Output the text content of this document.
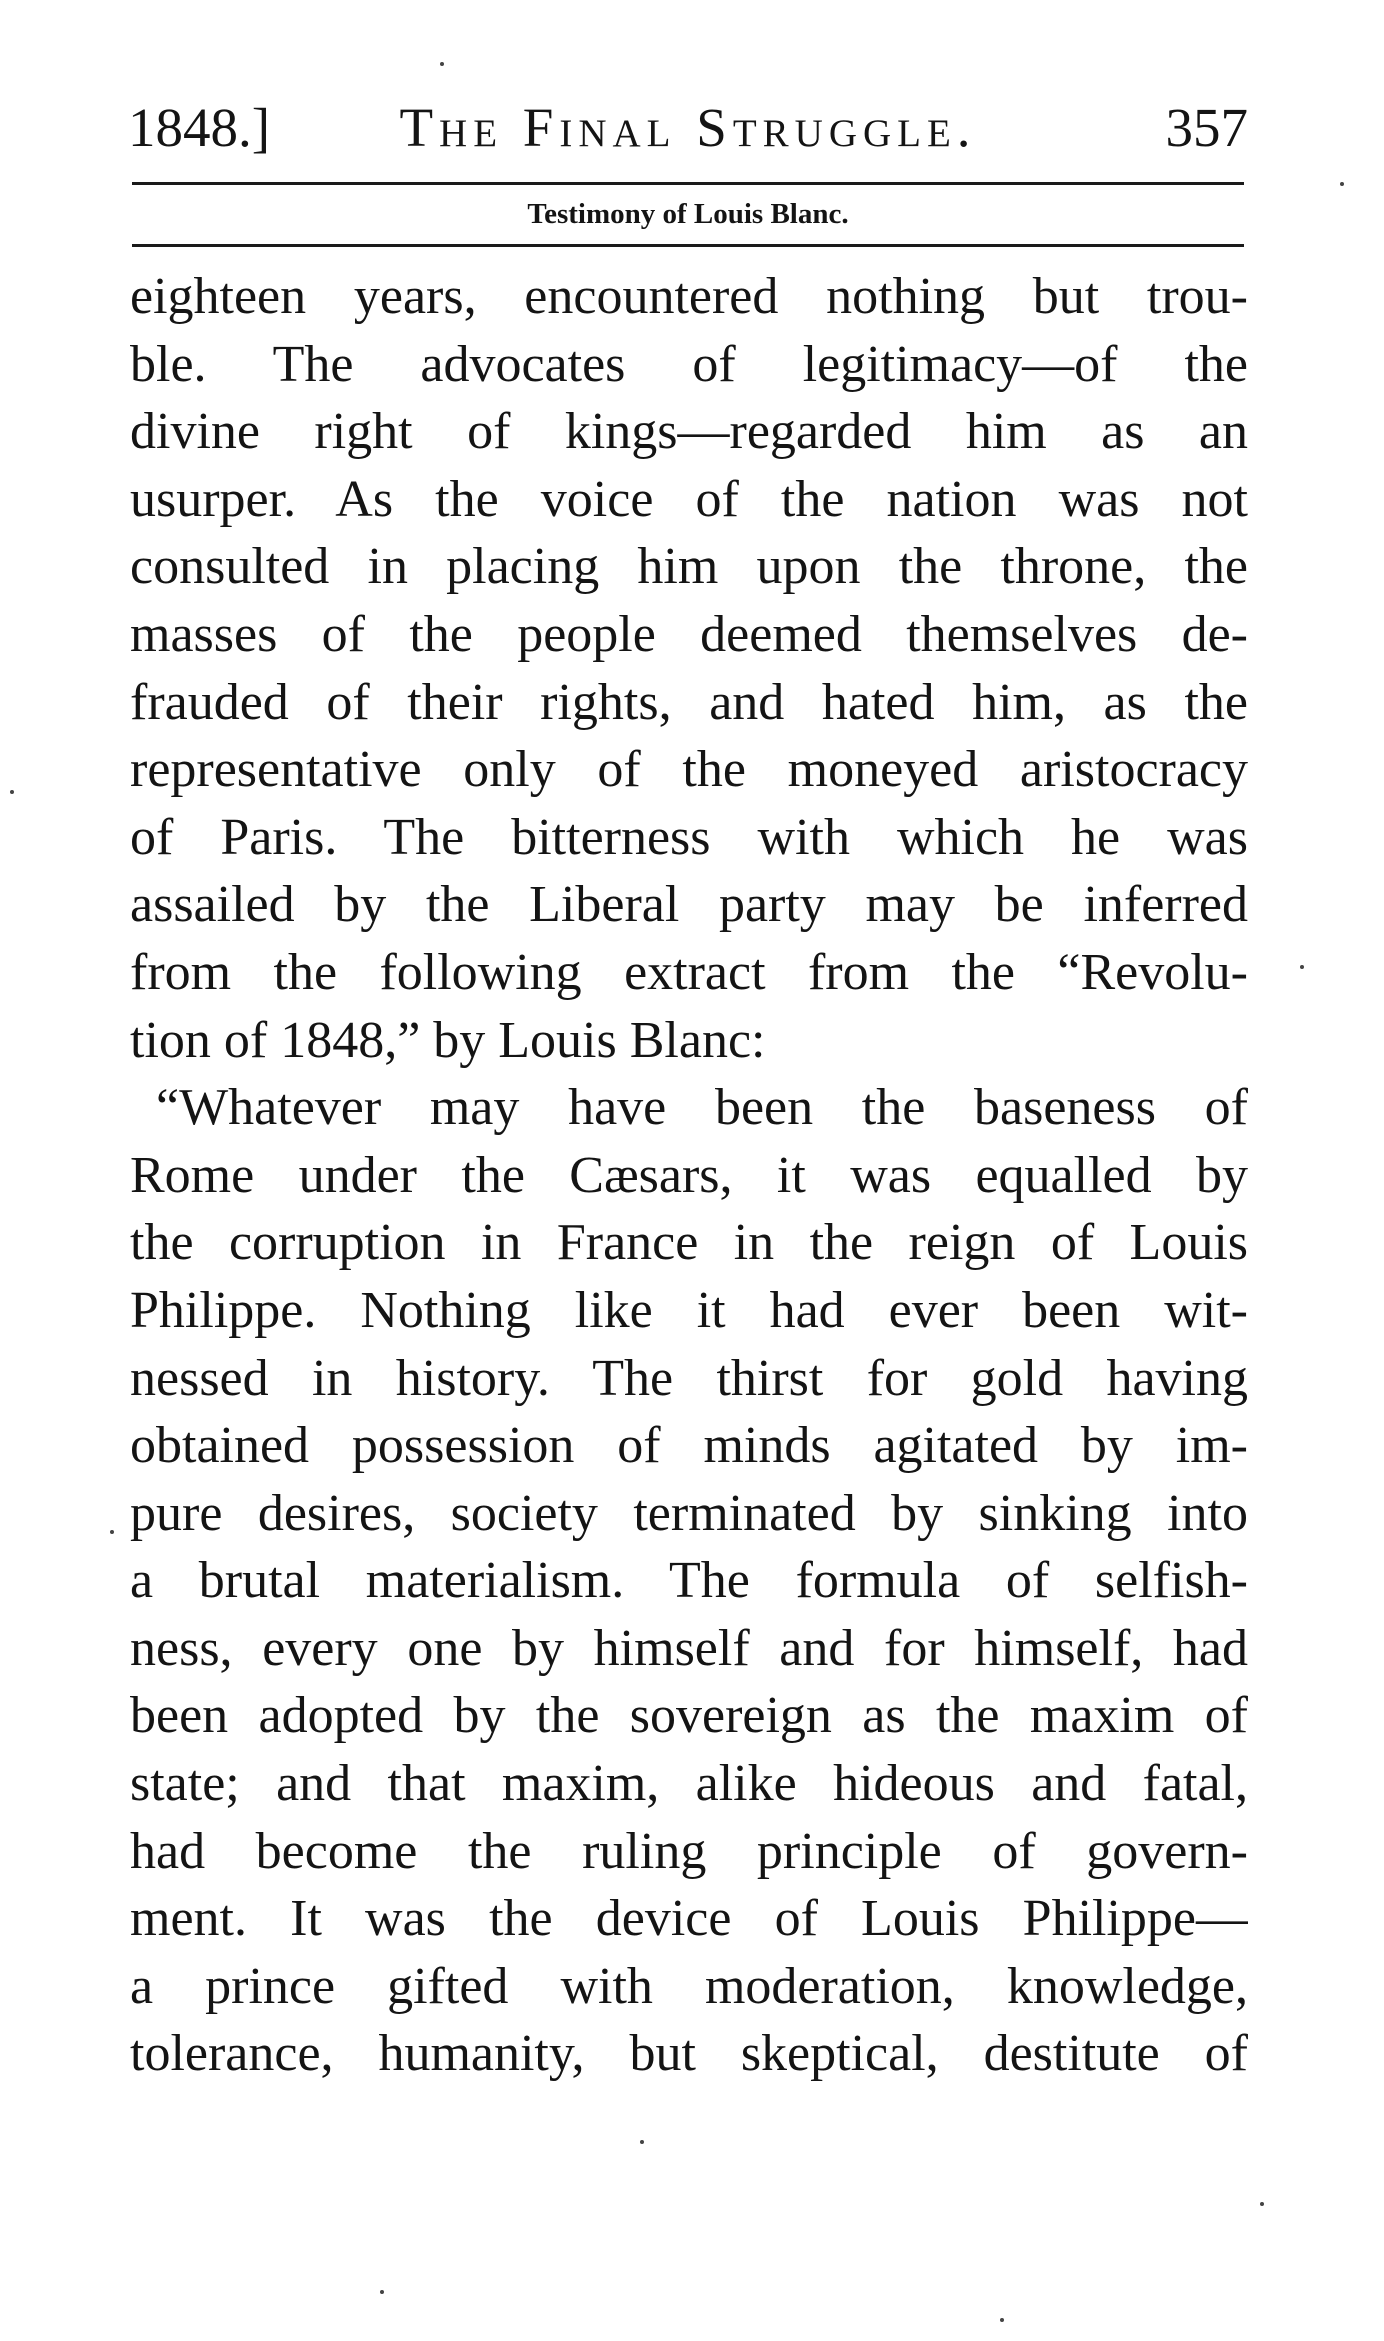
1848.]	The Final Struggle.	357
Testimony of Louis Blanc.
eighteen years, encountered nothing but trou-
ble. The advocates of legitimacy—of the
divine right of kings—regarded him as an
usurper. As the voice of the nation was not
consulted in placing him upon the throne, the
masses of the people deemed themselves de-
frauded of their rights, and hated him, as the
representative only of the moneyed aristocracy
of Paris. The bitterness with which he was
assailed by the Liberal party may be inferred
from the following extract from the “Revolu-
tion of 1848,” by Louis Blanc:
“Whatever may have been the baseness of
Rome under the Cæsars, it was equalled by
the corruption in France in the reign of Louis
Philippe. Nothing like it had ever been wit-
nessed in history. The thirst for gold having
obtained possession of minds agitated by im-
pure desires, society terminated by sinking into
a brutal materialism. The formula of selfish-
ness, every one by himself and for himself, had
been adopted by the sovereign as the maxim of
state; and that maxim, alike hideous and fatal,
had become the ruling principle of govern-
ment. It was the device of Louis Philippe—
a prince gifted with moderation, knowledge,
tolerance, humanity, but skeptical, destitute of
